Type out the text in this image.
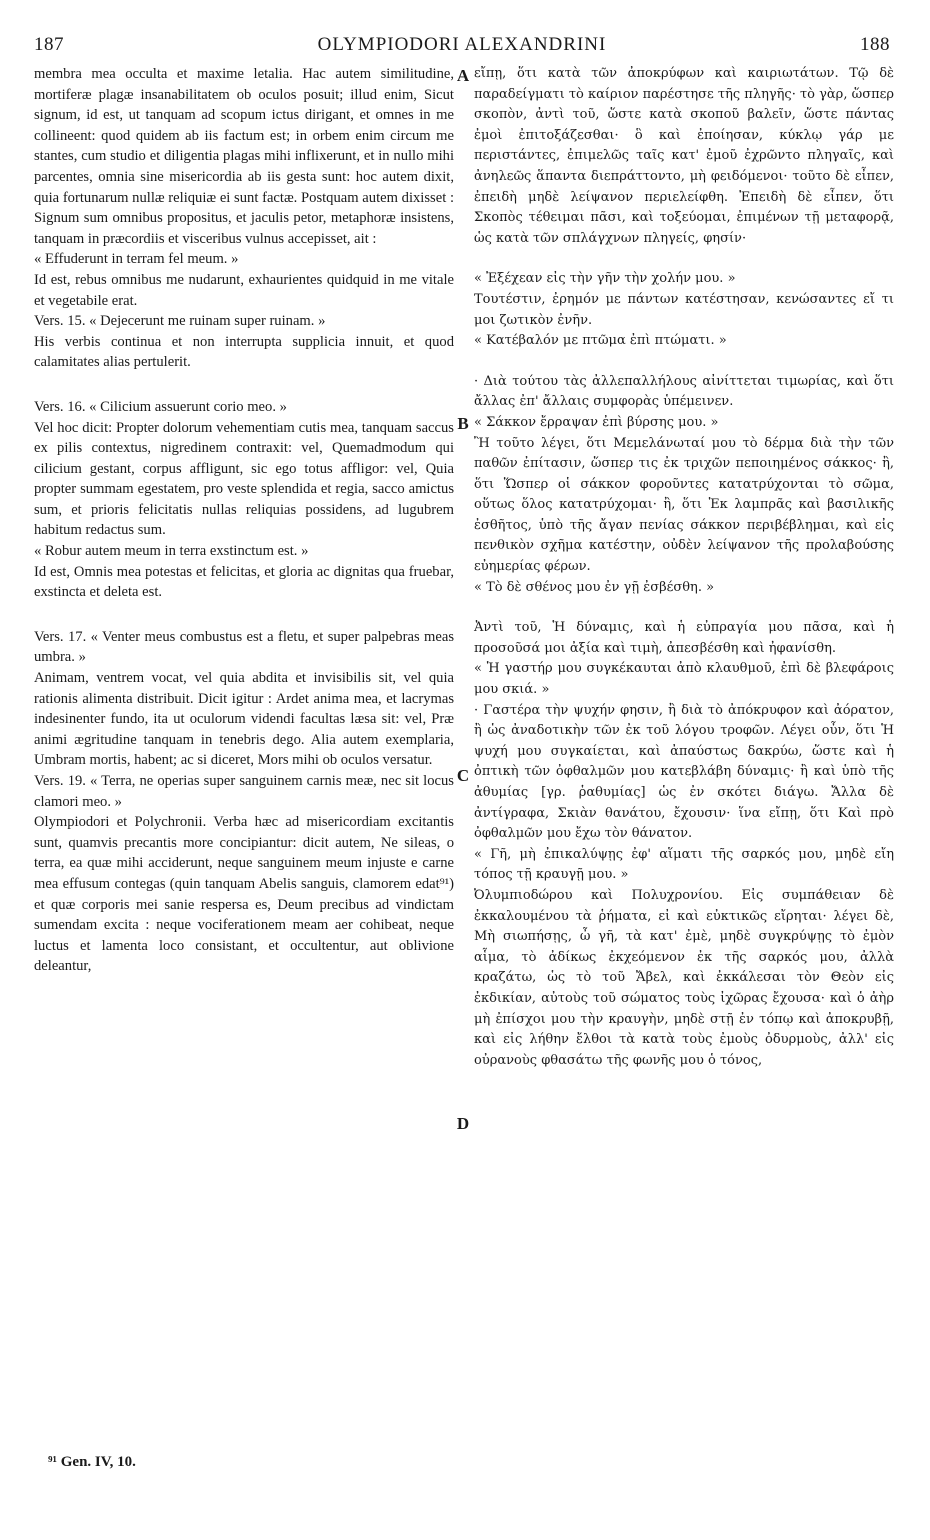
187	OLYMPIODORI ALEXANDRINI	188

membra mea occulta et maxime letalia. Hac autem similitudine, mortiferæ plagæ insanabilitatem ob oculos posuit; illud enim, Sicut signum, id est, ut tanquam ad scopum ictus dirigant, et omnes in me collineent: quod quidem ab iis factum est; in orbem enim circum me stantes, cum studio et diligentia plagas mihi inflixerunt, et in nullo mihi parcentes, omnia sine misericordia ab iis gesta sunt: hoc autem dixit, quia fortunarum nullæ reliquiæ ei sunt factæ. Postquam autem dixisset : Signum sum omnibus propositus, et jaculis petor, metaphoræ insistens, tanquam in præcordiis et visceribus vulnus accepisset, ait :

« Effuderunt in terram fel meum. »

Id est, rebus omnibus me nudarunt, exhaurientes quidquid in me vitale et vegetabile erat.

Vers. 15. « Dejecerunt me ruinam super ruinam. »

His verbis continua et non interrupta supplicia innuit, et quod calamitates alias pertulerit.

Vers. 16. « Cilicium assuerunt corio meo. »

Vel hoc dicit: Propter dolorum vehementiam cutis mea, tanquam saccus ex pilis contextus, nigredinem contraxit: vel, Quemadmodum qui cilicium gestant, corpus affligunt, sic ego totus affligor: vel, Quia propter summam egestatem, pro veste splendida et regia, sacco amictus sum, et prioris felicitatis nullas reliquias possidens, ad lugubrem habitum redactus sum.

« Robur autem meum in terra exstinctum est. »

Id est, Omnis mea potestas et felicitas, et gloria ac dignitas qua fruebar, exstincta et deleta est.

Vers. 17. « Venter meus combustus est a fletu, et super palpebras meas umbra. »

Animam, ventrem vocat, vel quia abdita et invisibilis sit, vel quia rationis alimenta distribuit. Dicit igitur : Ardet anima mea, et lacrymas indesinenter fundo, ita ut oculorum videndi facultas læsa sit: vel, Præ animi ægritudine tanquam in tenebris dego. Alia autem exemplaria, Umbram mortis, habent; ac si diceret, Mors mihi ob oculos versatur.

Vers. 19. « Terra, ne operias super sanguinem carnis meæ, nec sit locus clamori meo. »

Olympiodori et Polychronii. Verba hæc ad misericordiam excitantis sunt, quamvis precantis more concipiantur: dicit autem, Ne sileas, o terra, ea quæ mihi acciderunt, neque sanguinem meum injuste e carne mea effusum contegas (quin tanquam Abelis sanguis, clamorem edat⁹¹) et quæ corporis mei sanie respersa es, Deum precibus ad vindictam sumendam excita : neque vociferationem meam aer cohibeat, neque luctus et lamenta loco consistant, et occultentur, aut oblivione deleantur,

εἴπῃ, ὅτι κατὰ τῶν ἀποκρύφων καὶ καιριωτάτων. Τῷ δὲ παραδείγματι τὸ καίριον παρέστησε τῆς πληγῆς· τὸ γὰρ, ὥσπερ σκοπὸν, ἀντὶ τοῦ, ὥστε κατὰ σκοποῦ βαλεῖν, ὥστε πάντας ἐμοὶ ἐπιτοξάζεσθαι· ὃ καὶ ἐποίησαν, κύκλῳ γάρ με περιστάντες, ἐπιμελῶς ταῖς κατ' ἐμοῦ ἐχρῶντο πληγαῖς, καὶ ἀνηλεῶς ἅπαντα διεπράττοντο, μὴ φειδόμενοι· τοῦτο δὲ εἶπεν, ἐπειδὴ μηδὲ λείψανον περιελείφθη. Ἐπειδὴ δὲ εἶπεν, ὅτι Σκοπὸς τέθειμαι πᾶσι, καὶ τοξεύομαι, ἐπιμένων τῇ μεταφορᾷ, ὡς κατὰ τῶν σπλάγχνων πληγείς, φησίν·

« Ἐξέχεαν εἰς τὴν γῆν τὴν χολήν μου. »

Τουτέστιν, ἐρημόν με πάντων κατέστησαν, κενώσαντες εἴ τι μοι ζωτικὸν ἐνῆν.

« Κατέβαλόν με πτῶμα ἐπὶ πτώματι. »

· Διὰ τούτου τὰς ἀλλεπαλλήλους αἰνίττεται τιμωρίας, καὶ ὅτι ἄλλας ἐπ' ἄλλαις συμφορὰς ὑπέμεινεν.

« Σάκκον ἔρραψαν ἐπὶ βύρσης μου. »

Ἢ τοῦτο λέγει, ὅτι Μεμελάνωταί μου τὸ δέρμα διὰ τὴν τῶν παθῶν ἐπίτασιν, ὥσπερ τις ἐκ τριχῶν πεποιημένος σάκκος· ἢ, ὅτι Ὥσπερ οἱ σάκκον φοροῦντες κατατρύχονται τὸ σῶμα, οὕτως ὅλος κατατρύχομαι· ἢ, ὅτι Ἐκ λαμπρᾶς καὶ βασιλικῆς ἐσθῆτος, ὑπὸ τῆς ἄγαν πενίας σάκκον περιβέβλημαι, καὶ εἰς πενθικὸν σχῆμα κατέστην, οὐδὲν λείψανον τῆς προλαβούσης εὐημερίας φέρων.

« Τὸ δὲ σθένος μου ἐν γῇ ἐσβέσθη. »

Ἀντὶ τοῦ, Ἡ δύναμις, καὶ ἡ εὐπραγία μου πᾶσα, καὶ ἡ προσοῦσά μοι ἀξία καὶ τιμὴ, ἀπεσβέσθη καὶ ἠφανίσθη.

« Ἡ γαστήρ μου συγκέκαυται ἀπὸ κλαυθμοῦ, ἐπὶ δὲ βλεφάροις μου σκιά. »

· Γαστέρα τὴν ψυχήν φησιν, ἢ διὰ τὸ ἀπόκρυφον καὶ ἀόρατον, ἢ ὡς ἀναδοτικὴν τῶν ἐκ τοῦ λόγου τροφῶν. Λέγει οὖν, ὅτι Ἡ ψυχή μου συγκαίεται, καὶ ἀπαύστως δακρύω, ὥστε καὶ ἡ ὀπτικὴ τῶν ὀφθαλμῶν μου κατεβλάβη δύναμις· ἢ καὶ ὑπὸ τῆς ἀθυμίας [γρ. ῥαθυμίας] ὡς ἐν σκότει διάγω. Ἄλλα δὲ ἀντίγραφα, Σκιὰν θανάτου, ἔχουσιν· ἵνα εἴπῃ, ὅτι Καὶ πρὸ ὀφθαλμῶν μου ἔχω τὸν θάνατον.

« Γῆ, μὴ ἐπικαλύψῃς ἐφ' αἵματι τῆς σαρκός μου, μηδὲ εἴη τόπος τῇ κραυγῇ μου. »

Ὀλυμπιοδώρου καὶ Πολυχρονίου. Εἰς συμπάθειαν δὲ ἐκκαλουμένου τὰ ῥήματα, εἰ καὶ εὐκτικῶς εἴρηται· λέγει δὲ, Μὴ σιωπήσῃς, ὦ γῆ, τὰ κατ' ἐμὲ, μηδὲ συγκρύψῃς τὸ ἐμὸν αἷμα, τὸ ἀδίκως ἐκχεόμενον ἐκ τῆς σαρκός μου, ἀλλὰ κραζάτω, ὡς τὸ τοῦ Ἄβελ, καὶ ἐκκάλεσαι τὸν Θεὸν εἰς ἐκδικίαν, αὐτοὺς τοῦ σώματος τοὺς ἰχῶρας ἔχουσα· καὶ ὁ ἀὴρ μὴ ἐπίσχοι μου τὴν κραυγὴν, μηδὲ στῇ ἐν τόπῳ καὶ ἀποκρυβῇ, καὶ εἰς λήθην ἔλθοι τὰ κατὰ τοὺς ἐμοὺς ὀδυρμοὺς, ἀλλ' εἰς οὐρανοὺς φθασάτω τῆς φωνῆς μου ὁ τόνος,

A
B
C
D
⁹¹ Gen. IV, 10.
